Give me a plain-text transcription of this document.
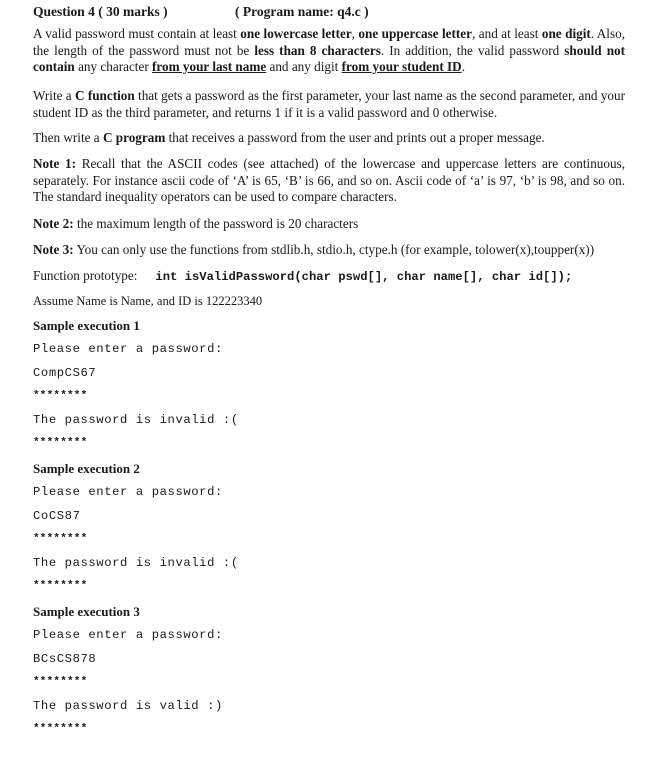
Question 4 ( 30 marks )	( Program name: q4.c )
A valid password must contain at least one lowercase letter, one uppercase letter, and at least one digit. Also, the length of the password must not be less than 8 characters. In addition, the valid password should not contain any character from your last name and any digit from your student ID.
Write a C function that gets a password as the first parameter, your last name as the second parameter, and your student ID as the third parameter, and returns 1 if it is a valid password and 0 otherwise.
Then write a C program that receives a password from the user and prints out a proper message.
Note 1: Recall that the ASCII codes (see attached) of the lowercase and uppercase letters are continuous, separately. For instance ascii code of ‘A’ is 65, ‘B’ is 66, and so on. Ascii code of ‘a’ is 97, ‘b’ is 98, and so on. The standard inequality operators can be used to compare characters.
Note 2: the maximum length of the password is 20 characters
Note 3: You can only use the functions from stdlib.h, stdio.h, ctype.h (for example, tolower(x),toupper(x))
Function prototype: int isValidPassword(char pswd[], char name[], char id[]);
Assume Name is Name, and ID is 122223340
Sample execution 1
Please enter a password:
CompCS67
********
The password is invalid :(
********
Sample execution 2
Please enter a password:
CoCS87
********
The password is invalid :(
********
Sample execution 3
Please enter a password:
BCsCS878
********
The password is valid :)
********
